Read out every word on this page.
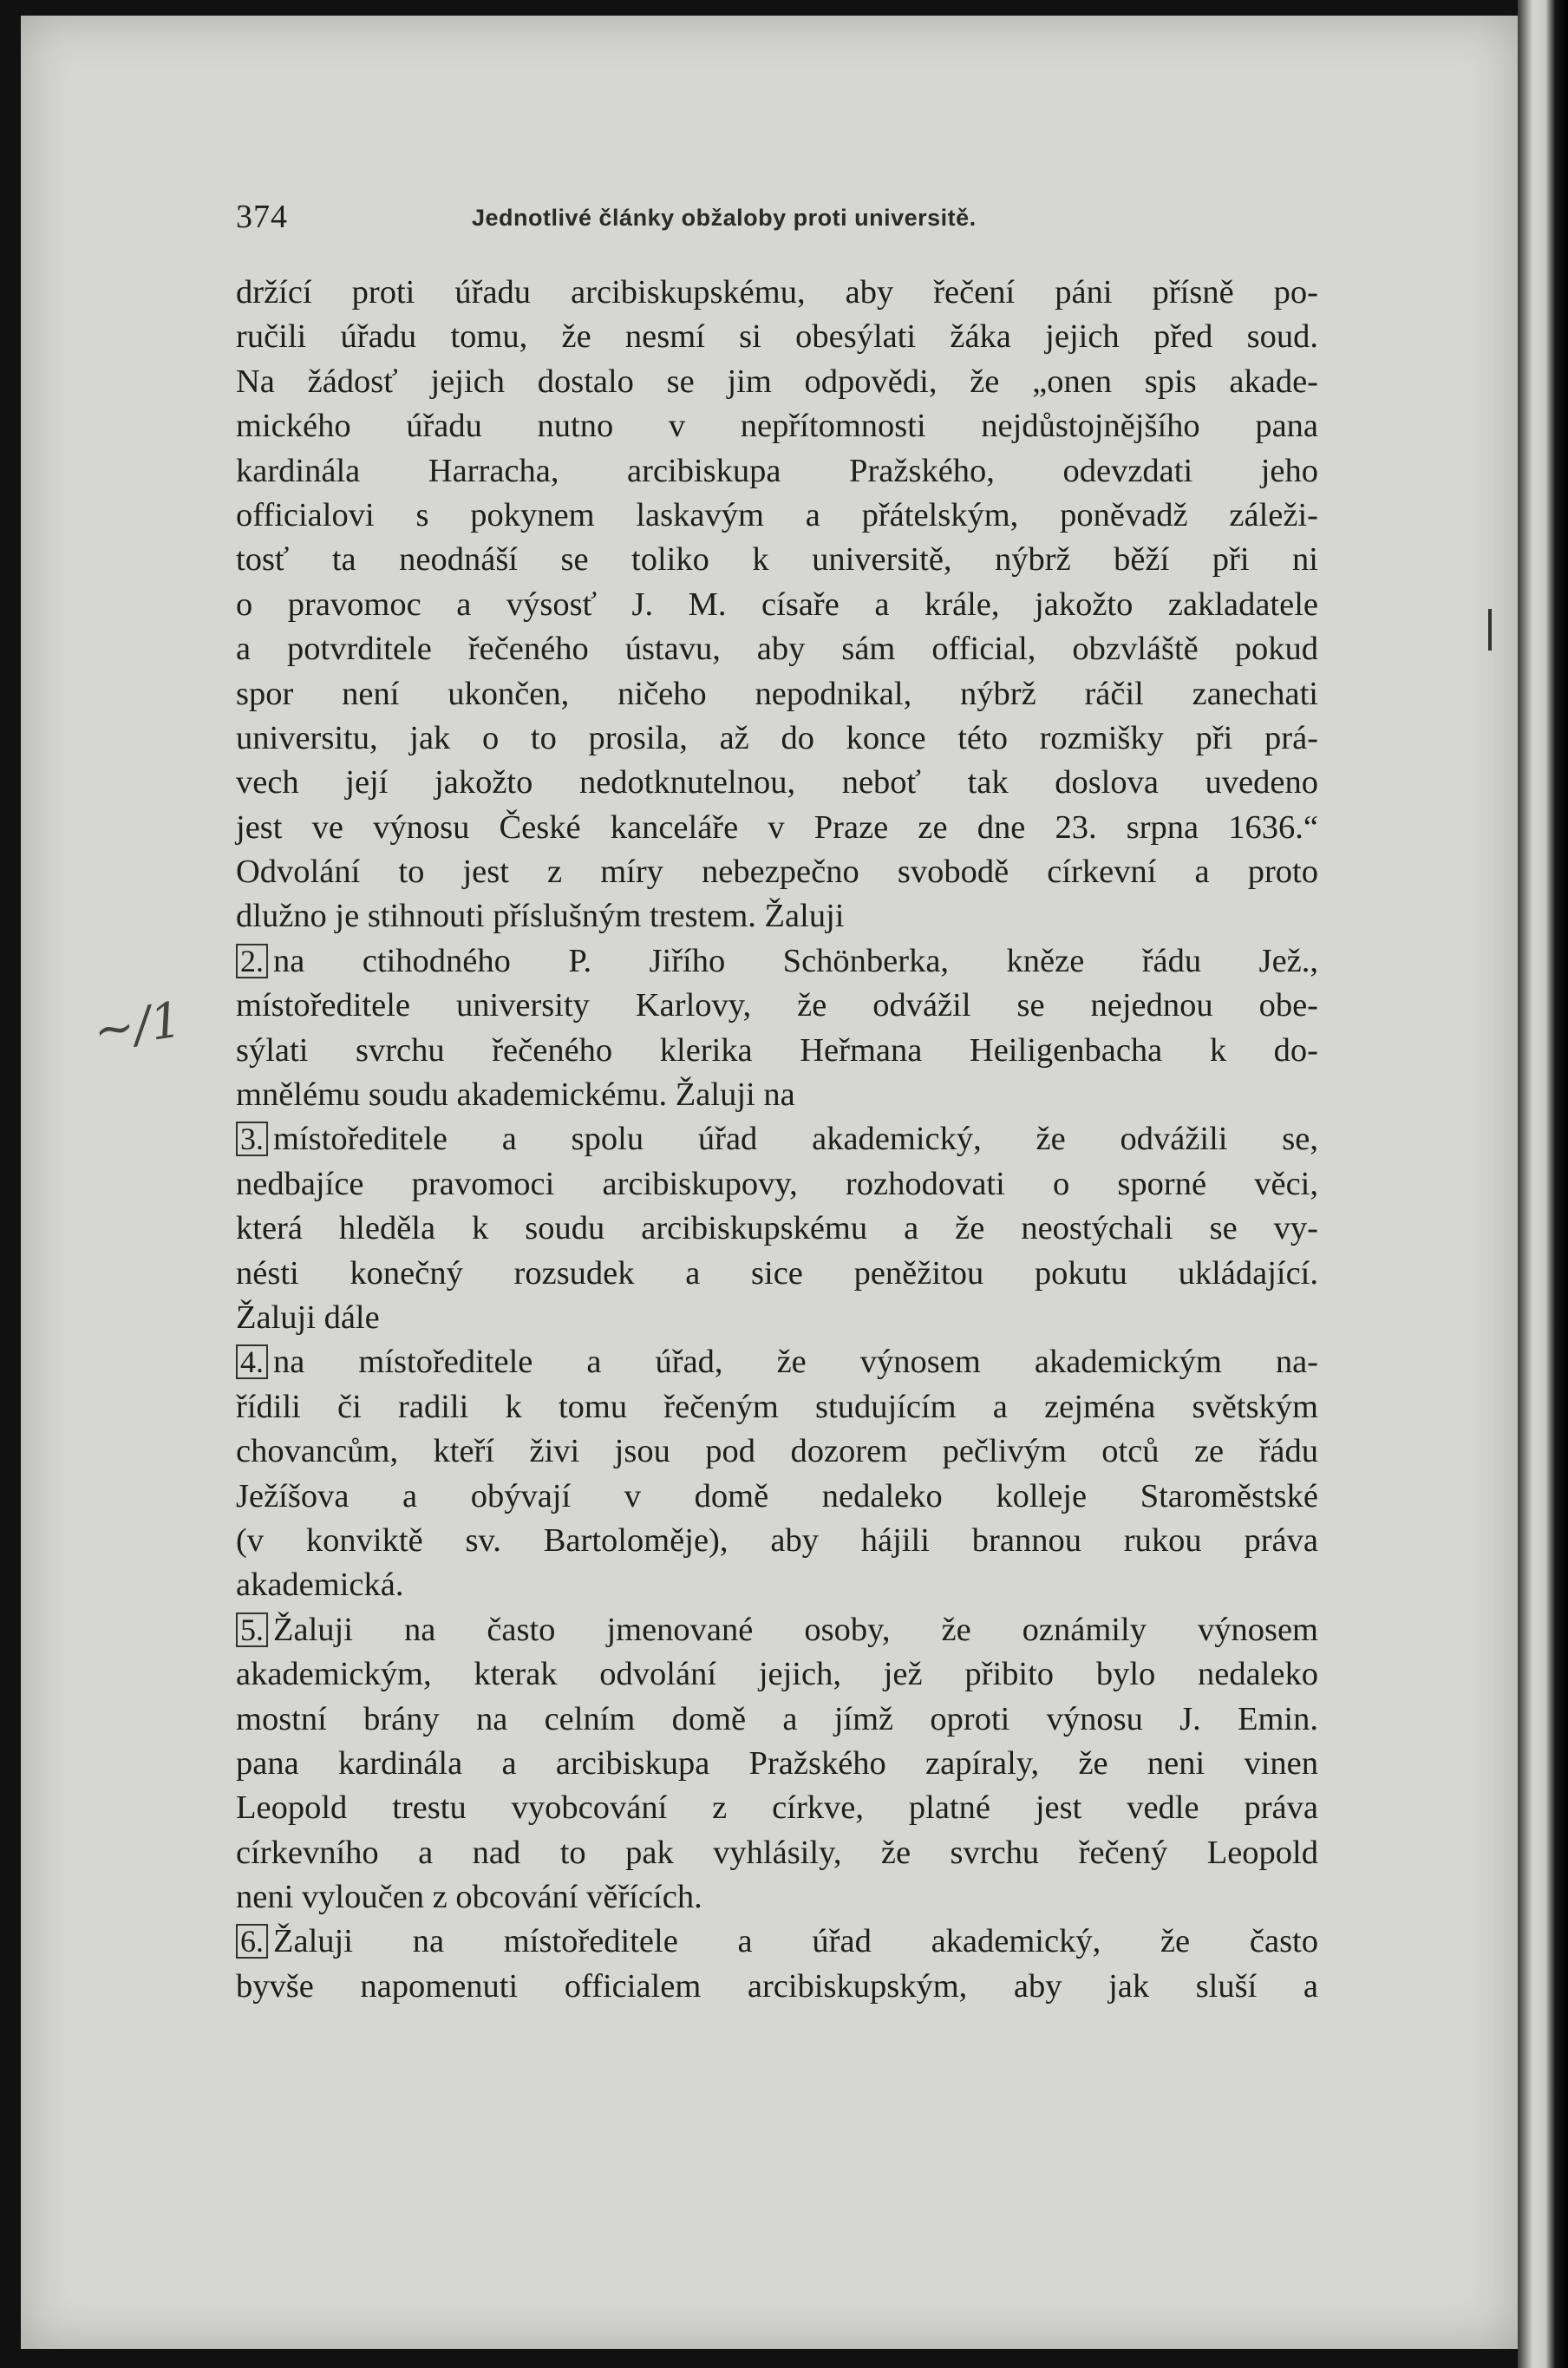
374	Jednotlivé články obžaloby proti universitě.
~/1
držící proti úřadu arcibiskupskému, aby řečení páni přísně po-
ručili úřadu tomu, že nesmí si obesýlati žáka jejich před soud.
Na žádosť jejich dostalo se jim odpovědi, že „onen spis akade-
mického úřadu nutno v nepřítomnosti nejdůstojnějšího pana
kardinála Harracha, arcibiskupa Pražského, odevzdati jeho
officialovi s pokynem laskavým a přátelským, poněvadž záleži-
tosť ta neodnáší se toliko k universitě, nýbrž běží při ni
o pravomoc a výsosť J. M. císaře a krále, jakožto zakladatele
a potvrditele řečeného ústavu, aby sám official, obzvláště pokud
spor není ukončen, ničeho nepodnikal, nýbrž ráčil zanechati
universitu, jak o to prosila, až do konce této rozmišky při prá-
vech její jakožto nedotknutelnou, neboť tak doslova uvedeno
jest ve výnosu České kanceláře v Praze ze dne 23. srpna 1636.“
Odvolání to jest z míry nebezpečno svobodě církevní a proto
dlužno je stihnouti příslušným trestem. Žaluji
2. na ctihodného P. Jiřího Schönberka, kněze řádu Jež.,
místoředitele university Karlovy, že odvážil se nejednou obe-
sýlati svrchu řečeného klerika Heřmana Heiligenbacha k do-
mnělému soudu akademickému. Žaluji na
3. místoředitele a spolu úřad akademický, že odvážili se,
nedbajíce pravomoci arcibiskupovy, rozhodovati o sporné věci,
která hleděla k soudu arcibiskupskému a že neostýchali se vy-
nésti konečný rozsudek a sice peněžitou pokutu ukládající.
Žaluji dále
4. na místoředitele a úřad, že výnosem akademickým na-
řídili či radili k tomu řečeným studujícím a zejména světským
chovancům, kteří živi jsou pod dozorem pečlivým otců ze řádu
Ježíšova a obývají v domě nedaleko kolleje Staroměstské
(v konviktě sv. Bartoloměje), aby hájili brannou rukou práva
akademická.
5. Žaluji na často jmenované osoby, že oznámily výnosem
akademickým, kterak odvolání jejich, jež přibito bylo nedaleko
mostní brány na celním domě a jímž oproti výnosu J. Emin.
pana kardinála a arcibiskupa Pražského zapíraly, že neni vinen
Leopold trestu vyobcování z církve, platné jest vedle práva
církevního a nad to pak vyhlásily, že svrchu řečený Leopold
neni vyloučen z obcování věřících.
6. Žaluji na místoředitele a úřad akademický, že často
byvše napomenuti officialem arcibiskupským, aby jak sluší a
